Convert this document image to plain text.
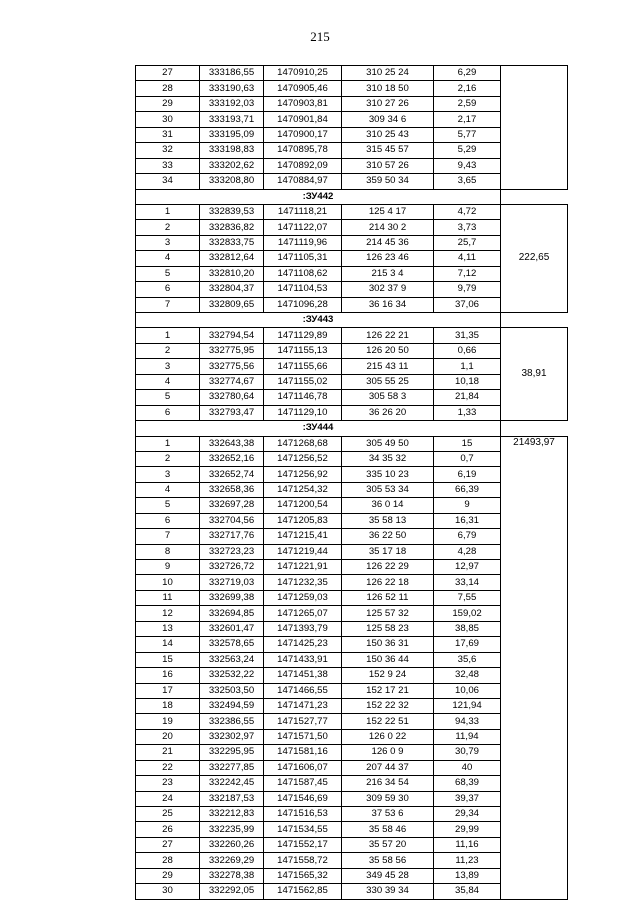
215
27	333186,55	1470910,25	310 25 24	6,29	
28	333190,63	1470905,46	310 18 50	2,16	
29	333192,03	1470903,81	310 27 26	2,59	
30	333193,71	1470901,84	309 34 6	2,17	
31	333195,09	1470900,17	310 25 43	5,77	
32	333198,83	1470895,78	315 45 57	5,29	
33	333202,62	1470892,09	310 57 26	9,43	
34	333208,80	1470884,97	359 50 34	3,65	
:ЗУ442					
1	332839,53	1471118,21	125 4 17	4,72	222,65
2	332836,82	1471122,07	214 30 2	3,73	
3	332833,75	1471119,96	214 45 36	25,7	
4	332812,64	1471105,31	126 23 46	4,11	
5	332810,20	1471108,62	215 3 4	7,12	
6	332804,37	1471104,53	302 37 9	9,79	
7	332809,65	1471096,28	36 16 34	37,06	
:ЗУ443					
1	332794,54	1471129,89	126 22 21	31,35	38,91
2	332775,95	1471155,13	126 20 50	0,66	
3	332775,56	1471155,66	215 43 11	1,1	
4	332774,67	1471155,02	305 55 25	10,18	
5	332780,64	1471146,78	305 58 3	21,84	
6	332793,47	1471129,10	36 26 20	1,33	
:ЗУ444					
1	332643,38	1471268,68	305 49 50	15	21493,97
2	332652,16	1471256,52	34 35 32	0,7	
3	332652,74	1471256,92	335 10 23	6,19	
4	332658,36	1471254,32	305 53 34	66,39	
5	332697,28	1471200,54	36 0 14	9	
6	332704,56	1471205,83	35 58 13	16,31	
7	332717,76	1471215,41	36 22 50	6,79	
8	332723,23	1471219,44	35 17 18	4,28	
9	332726,72	1471221,91	126 22 29	12,97	
10	332719,03	1471232,35	126 22 18	33,14	
11	332699,38	1471259,03	126 52 11	7,55	
12	332694,85	1471265,07	125 57 32	159,02	
13	332601,47	1471393,79	125 58 23	38,85	
14	332578,65	1471425,23	150 36 31	17,69	
15	332563,24	1471433,91	150 36 44	35,6	
16	332532,22	1471451,38	152 9 24	32,48	
17	332503,50	1471466,55	152 17 21	10,06	
18	332494,59	1471471,23	152 22 32	121,94	
19	332386,55	1471527,77	152 22 51	94,33	
20	332302,97	1471571,50	126 0 22	11,94	
21	332295,95	1471581,16	126 0 9	30,79	
22	332277,85	1471606,07	207 44 37	40	
23	332242,45	1471587,45	216 34 54	68,39	
24	332187,53	1471546,69	309 59 30	39,37	
25	332212,83	1471516,53	37 53 6	29,34	
26	332235,99	1471534,55	35 58 46	29,99	
27	332260,26	1471552,17	35 57 20	11,16	
28	332269,29	1471558,72	35 58 56	11,23	
29	332278,38	1471565,32	349 45 28	13,89	
30	332292,05	1471562,85	330 39 34	35,84	
